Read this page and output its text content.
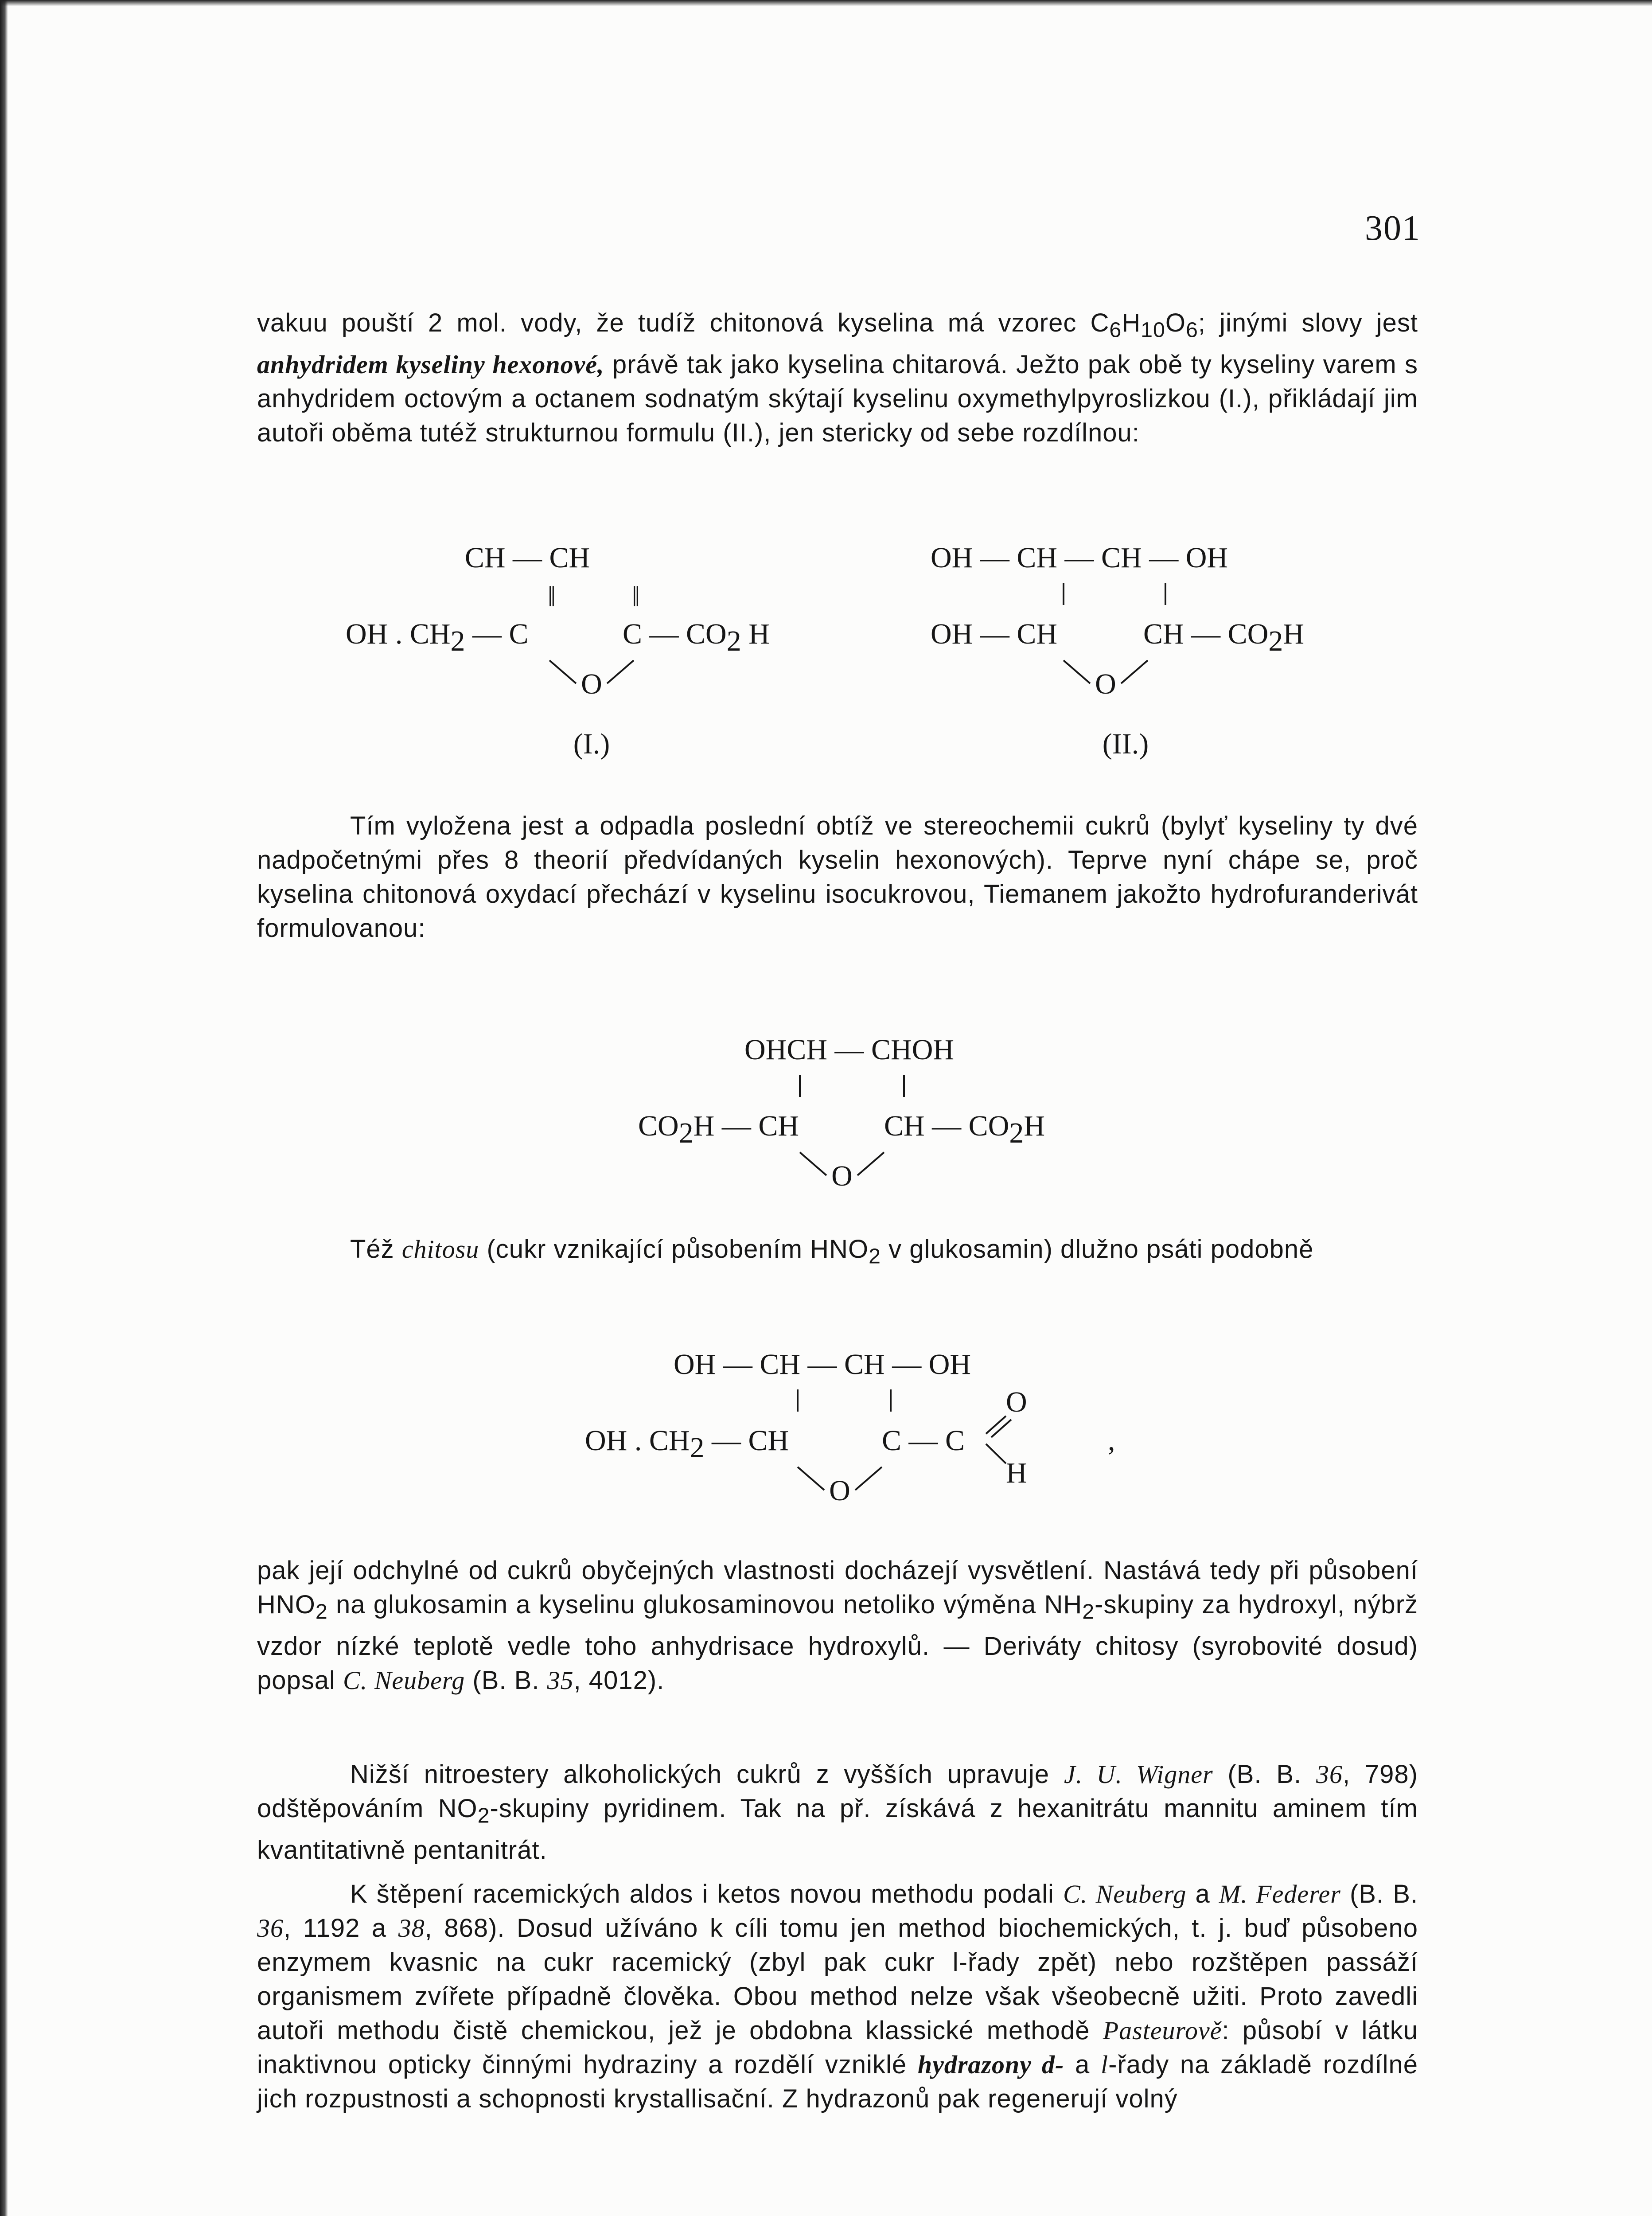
301

vakuu pouští 2 mol. vody, že tudíž chitonová kyselina má vzorec $C_6H_{10}O_6$; jinými slovy jest anhydridem kyseliny hexonové, právě tak jako kyselina chitarová. Ježto pak obě ty kyseliny varem s anhydridem octovým a octanem sodnatým skýtají kyselinu oxymethylpyroslizkou (I.), přikládají jim autoři oběma tutéž strukturnou formulu (II.), jen stericky od sebe rozdílnou:

CH — CH
‖	‖
OH . CH2 — C	C — CO2 H
O
(I.)
OH — CH — CH — OH
OH — CH	CH — CO2H
O
(II.)

Tím vyložena jest a odpadla poslední obtíž ve stereochemii cukrů (bylyť kyseliny ty dvé nadpočetnými přes 8 theorií předvídaných kyselin hexonových). Teprve nyní chápe se, proč kyselina chitonová oxydací přechází v kyselinu isocukrovou, Tiemanem jakožto hydrofuranderivát formulovanou:

OHCH — CHOH
CO2H — CH	CH — CO2H
O

Též chitosu (cukr vznikající působením $HNO_2$ v glukosamin) dlužno psáti podobně

OH — CH — CH — OH
OH . CH2 — CH	C — C
O
H
,
O

pak její odchylné od cukrů obyčejných vlastnosti docházejí vysvětlení. Nastává tedy při působení $HNO_2$ na glukosamin a kyselinu glukosaminovou netoliko výměna $NH_2$-skupiny za hydroxyl, nýbrž vzdor nízké teplotě vedle toho anhydrisace hydroxylů. — Deriváty chitosy (syrobovité dosud) popsal C. Neuberg (B. B. 35, 4012).

Nižší nitroestery alkoholických cukrů z vyšších upravuje J. U. Wigner (B. B. 36, 798) odštěpováním $NO_2$-skupiny pyridinem. Tak na př. získává z hexanitrátu mannitu aminem tím kvantitativně pentanitrát.

K štěpení racemických aldos i ketos novou methodu podali C. Neuberg a M. Federer (B. B. 36, 1192 a 38, 868). Dosud užíváno k cíli tomu jen method biochemických, t. j. buď působeno enzymem kvasnic na cukr racemický (zbyl pak cukr l-řady zpět) nebo rozštěpen passáží organismem zvířete případně člověka. Obou method nelze však všeobecně užiti. Proto zavedli autoři methodu čistě chemickou, jež je obdobna klassické methodě Pasteurově: působí v látku inaktivnou opticky činnými hydraziny a rozdělí vzniklé hydrazony d- a l-řady na základě rozdílné jich rozpustnosti a schopnosti krystallisační. Z hydrazonů pak regenerují volný
